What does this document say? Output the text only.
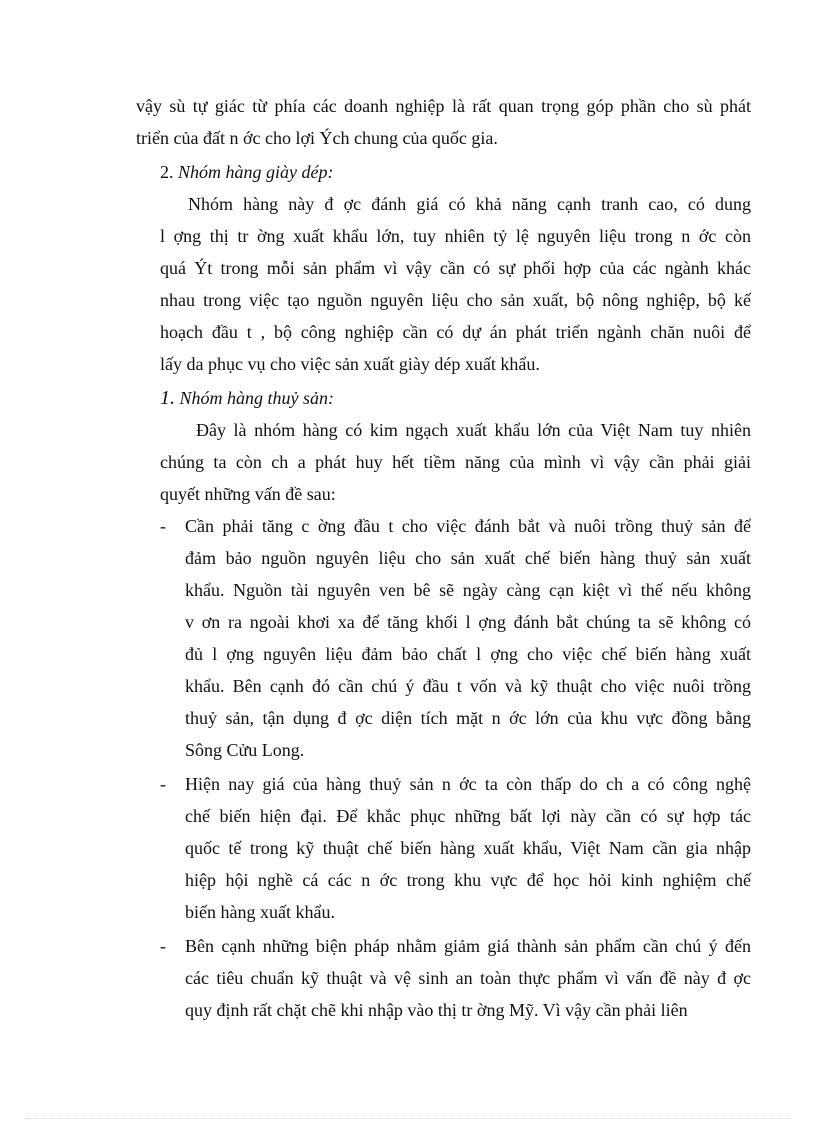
vậy sù tự giác từ phía các doanh nghiệp là rất quan trọng góp phần cho sù phát
triển của đất n ớc cho lợi Ých chung của quốc gia.
2. Nhóm hàng giày dép:
Nhóm hàng này đ ợc đánh giá có khả năng cạnh tranh cao, có dung
l ợng thị tr ờng xuất khẩu lớn, tuy nhiên tỷ lệ nguyên liệu trong n ớc còn
quá Ýt trong mỗi sản phẩm vì vậy cần có sự phối hợp của các ngành khác
nhau trong việc tạo nguồn nguyên liệu cho sản xuất, bộ nông nghiệp, bộ kế
hoạch đầu t , bộ công nghiệp cần có dự án phát triển ngành chăn nuôi để
lấy da phục vụ cho việc sản xuất giày dép xuất khẩu.
1. Nhóm hàng thuỷ sản:
Đây là nhóm hàng có kim ngạch xuất khẩu lớn của Việt Nam tuy nhiên
chúng ta còn ch a phát huy hết tiềm năng của mình vì vậy cần phải giải
quyết những vấn đề sau:
- Cần phải tăng c ờng đầu t cho việc đánh bắt và nuôi trồng thuỷ sản để
đảm bảo nguồn nguyên liệu cho sản xuất chế biến hàng thuỷ sản xuất
khẩu. Nguồn tài nguyên ven bê sẽ ngày càng cạn kiệt vì thế nếu không
v ơn ra ngoài khơi xa để tăng khối l ợng đánh bắt chúng ta sẽ không có
đủ l ợng nguyên liệu đảm bảo chất l ợng cho việc chế biến hàng xuất
khẩu. Bên cạnh đó cần chú ý đầu t vốn và kỹ thuật cho việc nuôi trồng
thuỷ sản, tận dụng đ ợc diện tích mặt n ớc lớn của khu vực đồng bằng
Sông Cửu Long.
- Hiện nay giá của hàng thuỷ sản n ớc ta còn thấp do ch a có công nghệ
chế biến hiện đại. Để khắc phục những bất lợi này cần có sự hợp tác
quốc tế trong kỹ thuật chế biến hàng xuất khẩu, Việt Nam cần gia nhập
hiệp hội nghề cá các n ớc trong khu vực để học hỏi kinh nghiệm chế
biến hàng xuất khẩu.
- Bên cạnh những biện pháp nhằm giảm giá thành sản phẩm cần chú ý đến
các tiêu chuẩn kỹ thuật và vệ sinh an toàn thực phẩm vì vấn đề này đ ợc
quy định rất chặt chẽ khi nhập vào thị tr ờng Mỹ. Vì vậy cần phải liên
